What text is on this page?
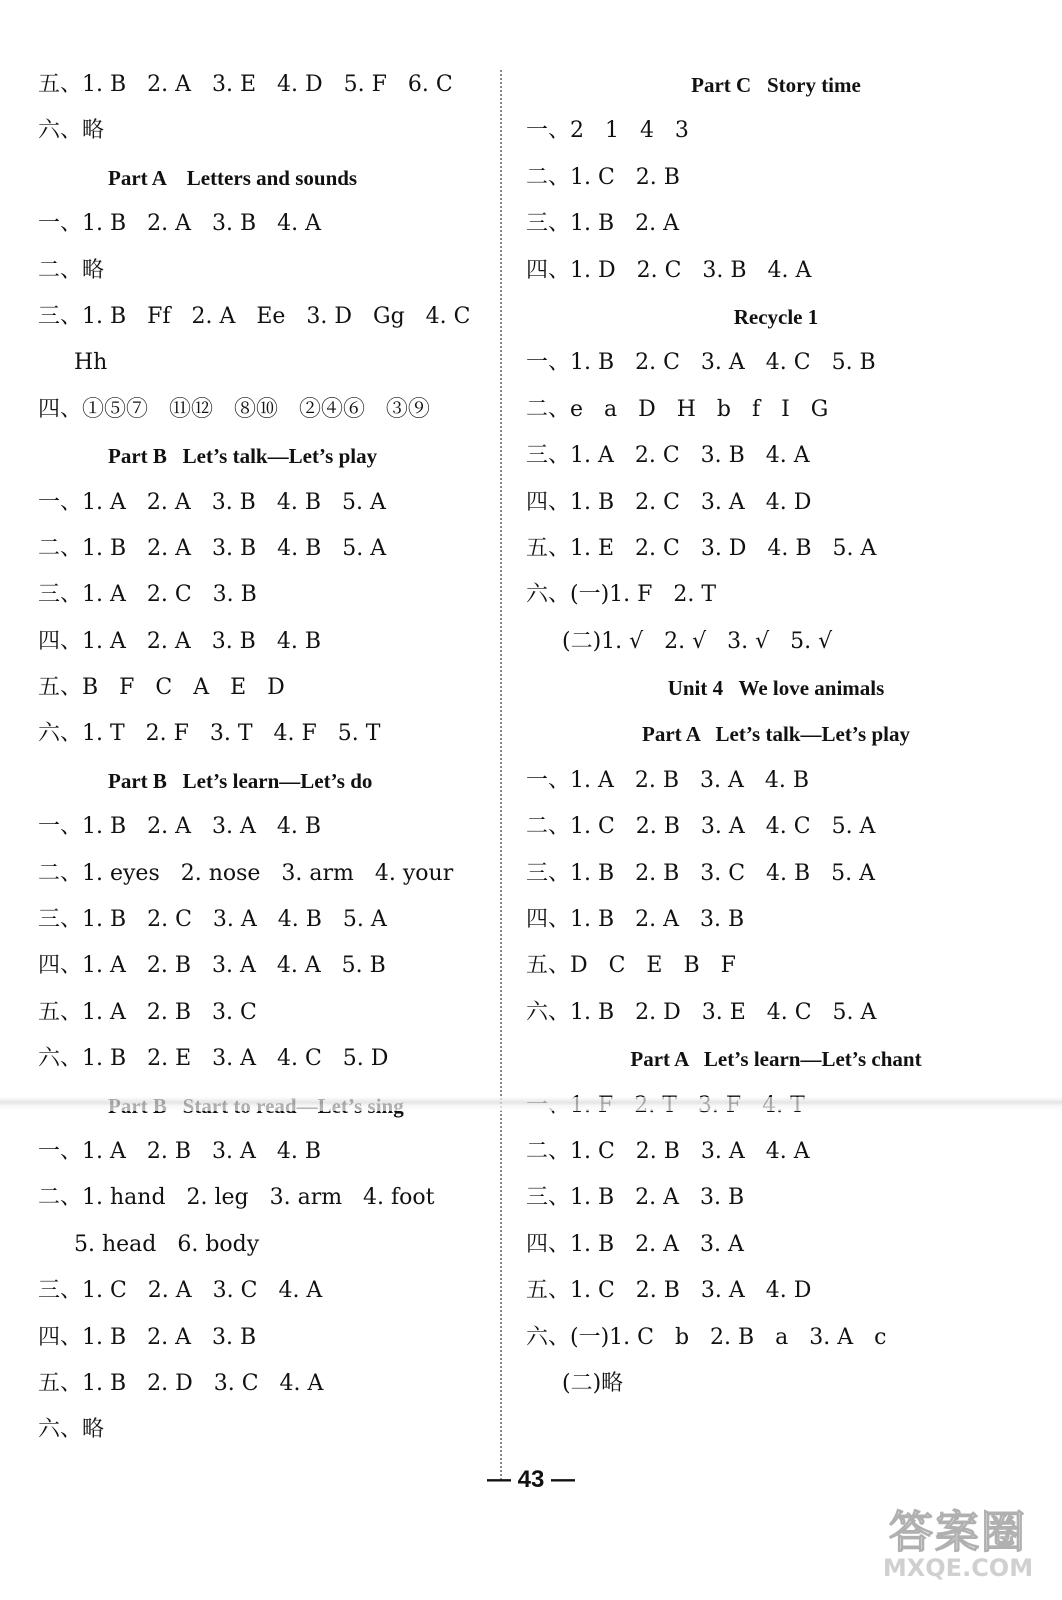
五、1. B   2. A   3. E   4. D   5. F   6. C
六、略
Part A    Letters and sounds
一、1. B   2. A   3. B   4. A
二、略
三、1. B   Ff   2. A   Ee   3. D   Gg   4. C
Hh
四、①⑤⑦   ⑪⑫   ⑧⑩   ②④⑥   ③⑨
Part B   Let’s talk—Let’s play
一、1. A   2. A   3. B   4. B   5. A
二、1. B   2. A   3. B   4. B   5. A
三、1. A   2. C   3. B
四、1. A   2. A   3. B   4. B
五、B   F   C   A   E   D
六、1. T   2. F   3. T   4. F   5. T
Part B   Let’s learn—Let’s do
一、1. B   2. A   3. A   4. B
二、1. eyes   2. nose   3. arm   4. your
三、1. B   2. C   3. A   4. B   5. A
四、1. A   2. B   3. A   4. A   5. B
五、1. A   2. B   3. C
六、1. B   2. E   3. A   4. C   5. D
一、1. A   2. B   3. A   4. B
二、1. hand   2. leg   3. arm   4. foot
5. head   6. body
三、1. C   2. A   3. C   4. A
四、1. B   2. A   3. B
五、1. B   2. D   3. C   4. A
六、略
Part C   Story time
一、2   1   4   3
二、1. C   2. B
三、1. B   2. A
四、1. D   2. C   3. B   4. A
Recycle 1
一、1. B   2. C   3. A   4. C   5. B
二、e   a   D   H   b   f   I   G
三、1. A   2. C   3. B   4. A
四、1. B   2. C   3. A   4. D
五、1. E   2. C   3. D   4. B   5. A
六、(一)1. F   2. T
(二)1. √   2. √   3. √   5. √
Unit 4   We love animals
Part A   Let’s talk—Let’s play
一、1. A   2. B   3. A   4. B
二、1. C   2. B   3. A   4. C   5. A
三、1. B   2. B   3. C   4. B   5. A
四、1. B   2. A   3. B
五、D   C   E   B   F
六、1. B   2. D   3. E   4. C   5. A
Part A   Let’s learn—Let’s chant
二、1. C   2. B   3. A   4. A
三、1. B   2. A   3. B
四、1. B   2. A   3. A
五、1. C   2. B   3. A   4. D
六、(一)1. C   b   2. B   a   3. A   c
(二)略
— 43 —
答案圈
MXQE.COM
